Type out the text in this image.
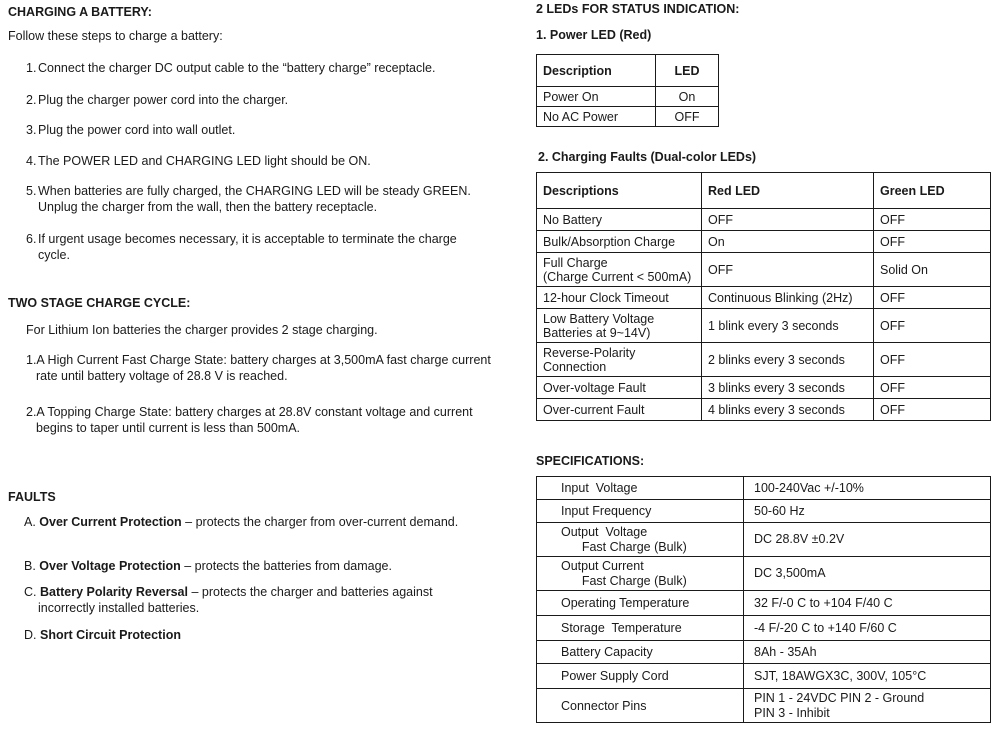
CHARGING A BATTERY:
Follow these steps to charge a battery:
1. Connect the charger DC output cable to the “battery charge” receptacle.
2. Plug the charger power cord into the charger.
3. Plug the power cord into wall outlet.
4. The POWER LED and CHARGING LED light should be ON.
5. When batteries are fully charged, the CHARGING LED will be steady GREEN. Unplug the charger from the wall, then the battery receptacle.
6. If urgent usage becomes necessary, it is acceptable to terminate the charge cycle.
TWO STAGE CHARGE CYCLE:
For Lithium Ion batteries the charger provides 2 stage charging.
1.A High Current Fast Charge State: battery charges at 3,500mA fast charge current rate until battery voltage of 28.8 V is reached.
2.A Topping Charge State: battery charges at 28.8V constant voltage and current begins to taper until current is less than 500mA.
FAULTS
A. Over Current Protection – protects the charger from over-current demand.
B. Over Voltage Protection – protects the batteries from damage.
C. Battery Polarity Reversal – protects the charger and batteries against incorrectly installed batteries.
D. Short Circuit Protection
2 LEDs FOR STATUS INDICATION:
1. Power LED (Red)
Description	LED
Power On	On
No AC Power	OFF
2. Charging Faults (Dual-color LEDs)
Descriptions	Red LED	Green LED
No Battery	OFF	OFF
Bulk/Absorption Charge	On	OFF
Full Charge
(Charge Current < 500mA)	OFF	Solid On
12-hour Clock Timeout	Continuous Blinking (2Hz)	OFF
Low Battery Voltage
Batteries at 9~14V)	1 blink every 3 seconds	OFF
Reverse-Polarity
Connection	2 blinks every 3 seconds	OFF
Over-voltage Fault	3 blinks every 3 seconds	OFF
Over-current Fault	4 blinks every 3 seconds	OFF
SPECIFICATIONS:
Input  Voltage	100-240Vac +/-10%
Input Frequency	50-60 Hz
Output  Voltage
Fast Charge (Bulk)	DC 28.8V ±0.2V
Output Current
Fast Charge (Bulk)	DC 3,500mA
Operating Temperature	32 F/-0 C to +104 F/40 C
Storage  Temperature	-4 F/-20 C to +140 F/60 C
Battery Capacity	8Ah - 35Ah
Power Supply Cord	SJT, 18AWGX3C, 300V, 105°C
Connector Pins	PIN 1 - 24VDC PIN 2 - Ground
PIN 3 - Inhibit
